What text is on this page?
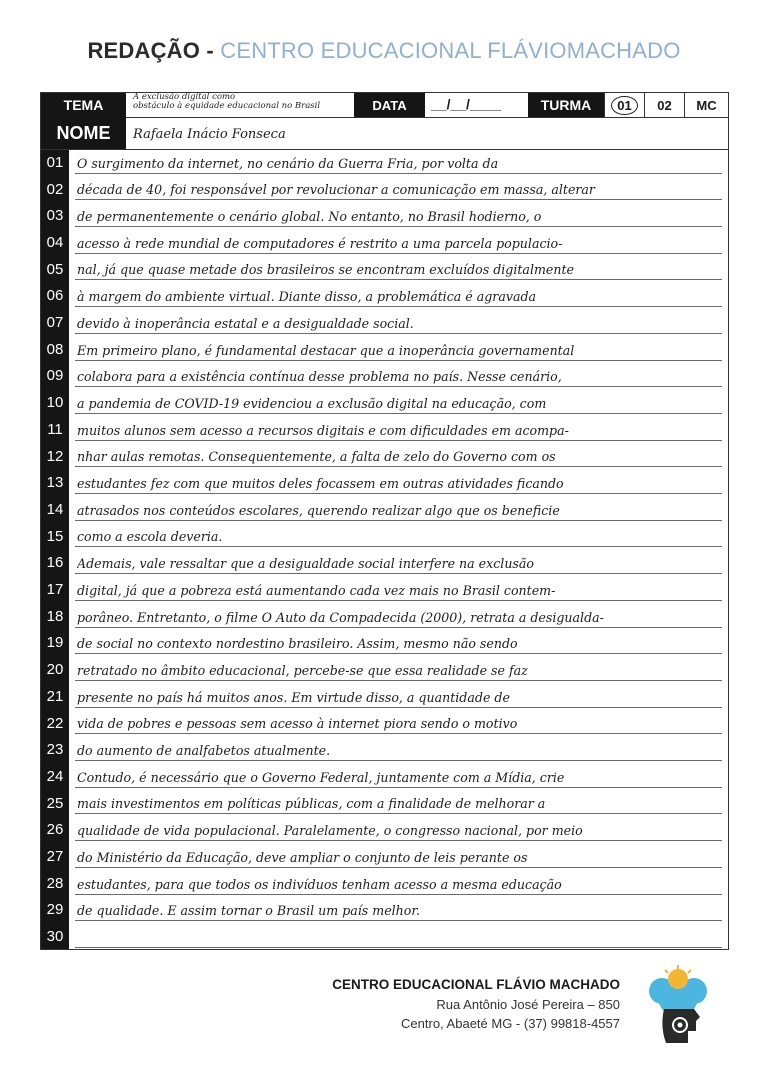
REDAÇÃO - CENTRO EDUCACIONAL FLÁVIOMACHADO
TEMA	A exclusão digital como
obstáculo à equidade educacional no Brasil	DATA	__/__/____	TURMA	01	02	MC
NOME	Rafaela Inácio Fonseca
01	O surgimento da internet, no cenário da Guerra Fria, por volta da
02	década de 40, foi responsável por revolucionar a comunicação em massa, alterar
03	de permanentemente o cenário global. No entanto, no Brasil hodierno, o
04	acesso à rede mundial de computadores é restrito a uma parcela populacio-
05	nal, já que quase metade dos brasileiros se encontram excluídos digitalmente
06	à margem do ambiente virtual. Diante disso, a problemática é agravada
07	devido à inoperância estatal e a desigualdade social.
08	Em primeiro plano, é fundamental destacar que a inoperância governamental
09	colabora para a existência contínua desse problema no país. Nesse cenário,
10	a pandemia de COVID-19 evidenciou a exclusão digital na educação, com
11	muitos alunos sem acesso a recursos digitais e com dificuldades em acompa-
12	nhar aulas remotas. Consequentemente, a falta de zelo do Governo com os
13	estudantes fez com que muitos deles focassem em outras atividades ficando
14	atrasados nos conteúdos escolares, querendo realizar algo que os beneficie
15	como a escola deveria.
16	Ademais, vale ressaltar que a desigualdade social interfere na exclusão
17	digital, já que a pobreza está aumentando cada vez mais no Brasil contem-
18	porâneo. Entretanto, o filme O Auto da Compadecida (2000), retrata a desigualda-
19	de social no contexto nordestino brasileiro. Assim, mesmo não sendo
20	retratado no âmbito educacional, percebe-se que essa realidade se faz
21	presente no país há muitos anos. Em virtude disso, a quantidade de
22	vida de pobres e pessoas sem acesso à internet piora sendo o motivo
23	do aumento de analfabetos atualmente.
24	Contudo, é necessário que o Governo Federal, juntamente com a Mídia, crie
25	mais investimentos em políticas públicas, com a finalidade de melhorar a
26	qualidade de vida populacional. Paralelamente, o congresso nacional, por meio
27	do Ministério da Educação, deve ampliar o conjunto de leis perante os
28	estudantes, para que todos os indivíduos tenham acesso a mesma educação
29	de qualidade. E assim tornar o Brasil um país melhor.
30
CENTRO EDUCACIONAL FLÁVIO MACHADO
Rua Antônio José Pereira – 850
Centro, Abaeté MG - (37) 99818-4557
